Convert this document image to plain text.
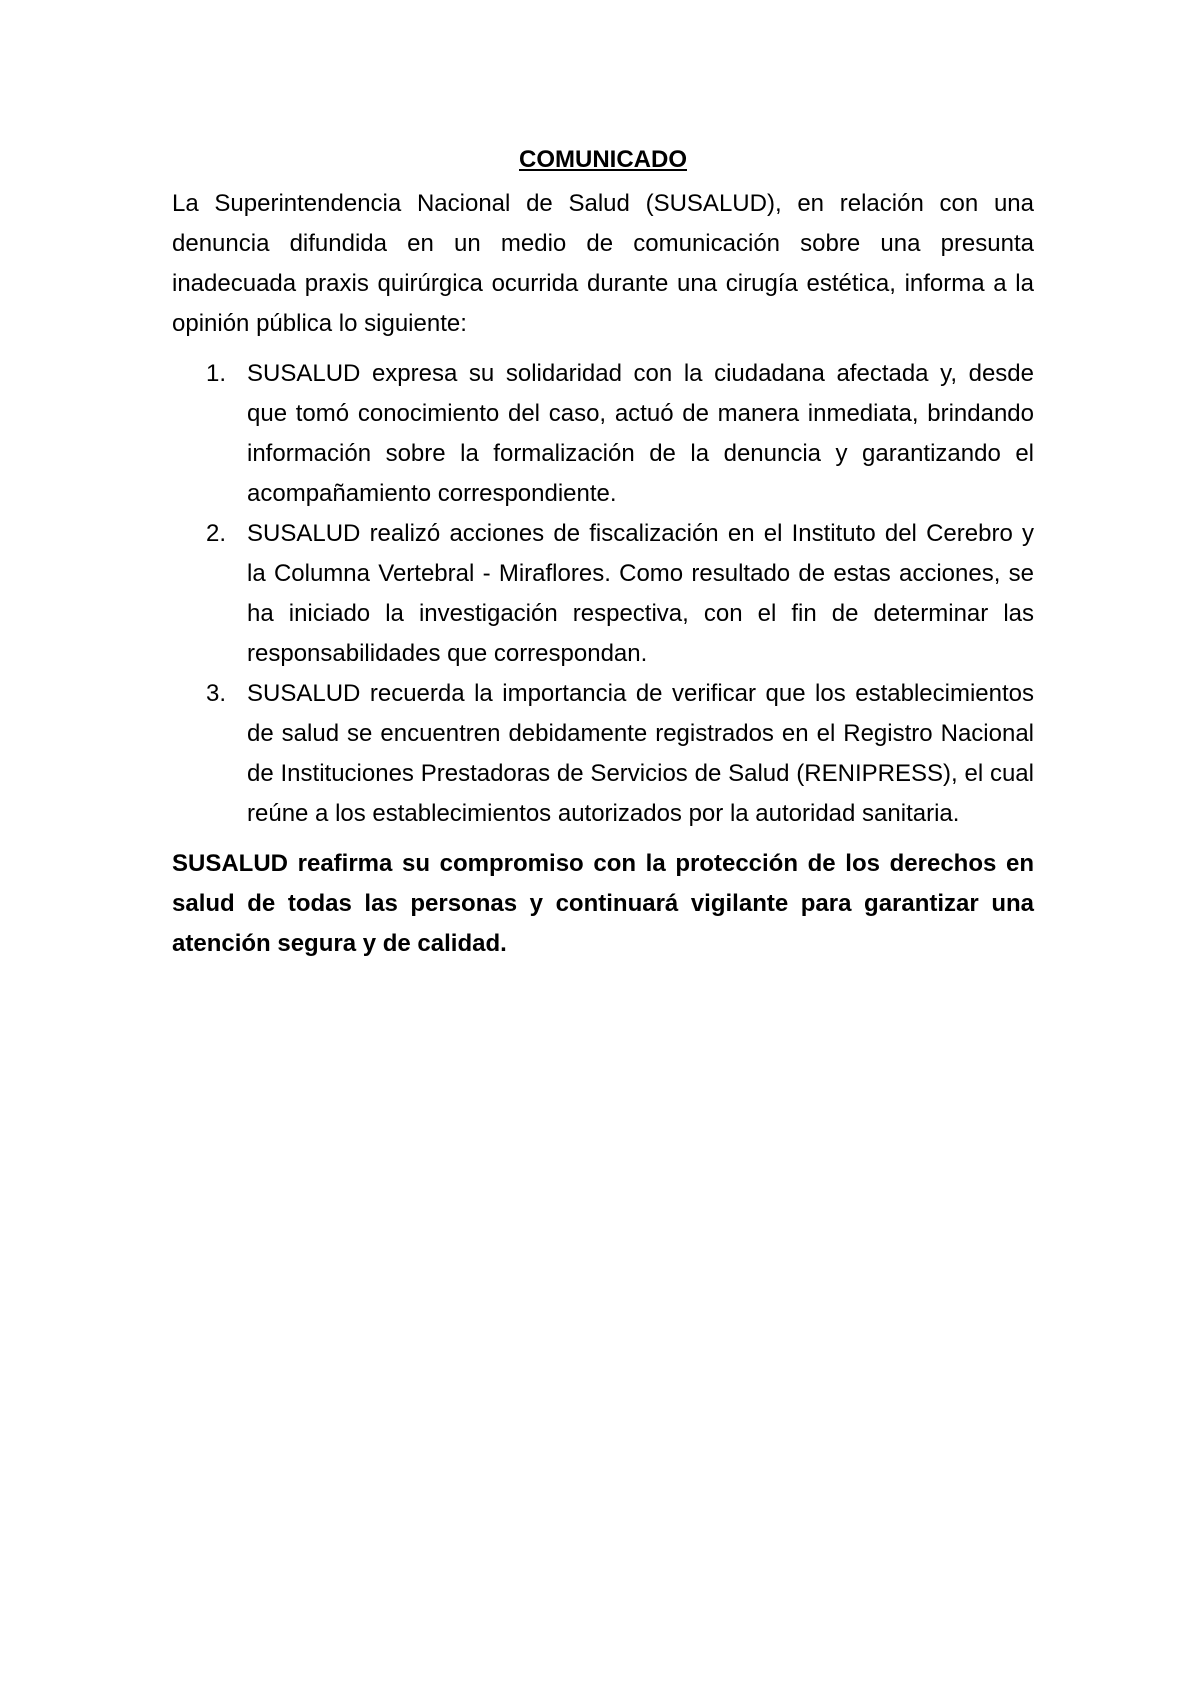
COMUNICADO

La Superintendencia Nacional de Salud (SUSALUD), en relación con una denuncia difundida en un medio de comunicación sobre una presunta inadecuada praxis quirúrgica ocurrida durante una cirugía estética, informa a la opinión pública lo siguiente:

1. SUSALUD expresa su solidaridad con la ciudadana afectada y, desde que tomó conocimiento del caso, actuó de manera inmediata, brindando información sobre la formalización de la denuncia y garantizando el acompañamiento correspondiente.
2. SUSALUD realizó acciones de fiscalización en el Instituto del Cerebro y la Columna Vertebral - Miraflores. Como resultado de estas acciones, se ha iniciado la investigación respectiva, con el fin de determinar las responsabilidades que correspondan.
3. SUSALUD recuerda la importancia de verificar que los establecimientos de salud se encuentren debidamente registrados en el Registro Nacional de Instituciones Prestadoras de Servicios de Salud (RENIPRESS), el cual reúne a los establecimientos autorizados por la autoridad sanitaria.

SUSALUD reafirma su compromiso con la protección de los derechos en salud de todas las personas y continuará vigilante para garantizar una atención segura y de calidad.
